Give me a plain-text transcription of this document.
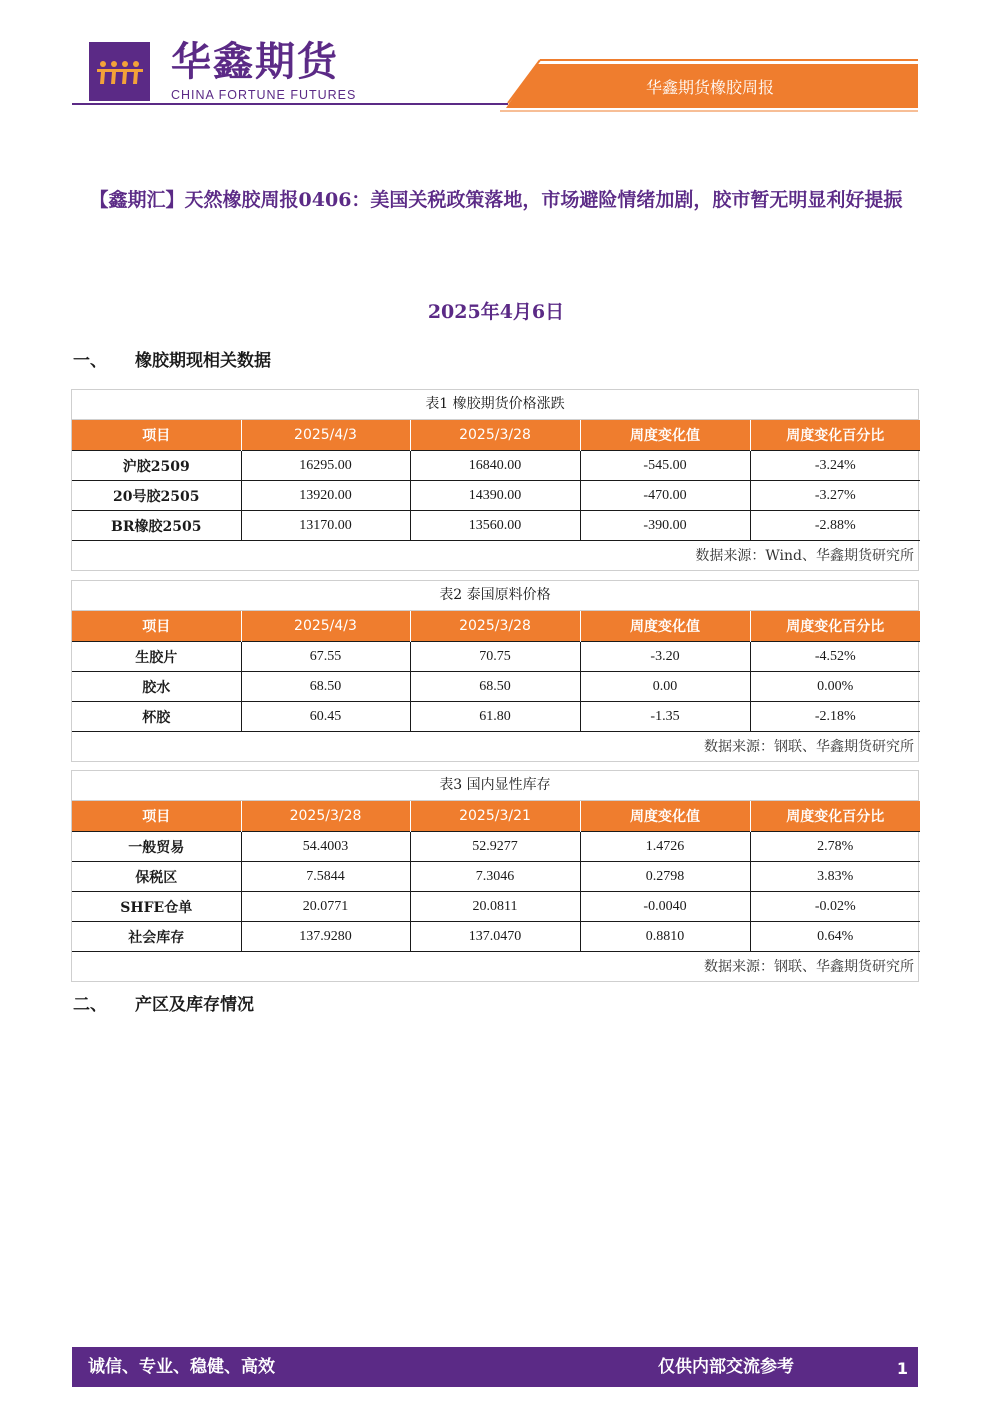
华鑫期货
CHINA FORTUNE FUTURES	华鑫期货橡胶周报
【鑫期汇】天然橡胶周报0406：美国关税政策落地，市场避险情绪加剧，胶市暂无明显利好提振
2025年4月6日
一、 橡胶期现相关数据
表1 橡胶期货价格涨跌
项目	2025/4/3	2025/3/28	周度变化值	周度变化百分比
沪胶2509	16295.00	16840.00	-545.00	-3.24%
20号胶2505	13920.00	14390.00	-470.00	-3.27%
BR橡胶2505	13170.00	13560.00	-390.00	-2.88%
数据来源：Wind、华鑫期货研究所
表2 泰国原料价格
项目	2025/4/3	2025/3/28	周度变化值	周度变化百分比
生胶片	67.55	70.75	-3.20	-4.52%
胶水	68.50	68.50	0.00	0.00%
杯胶	60.45	61.80	-1.35	-2.18%
数据来源：钢联、华鑫期货研究所
表3 国内显性库存
项目	2025/3/28	2025/3/21	周度变化值	周度变化百分比
一般贸易	54.4003	52.9277	1.4726	2.78%
保税区	7.5844	7.3046	0.2798	3.83%
SHFE仓单	20.0771	20.0811	-0.0040	-0.02%
社会库存	137.9280	137.0470	0.8810	0.64%
数据来源：钢联、华鑫期货研究所
二、 产区及库存情况
诚信、专业、稳健、高效	仅供内部交流参考	1
